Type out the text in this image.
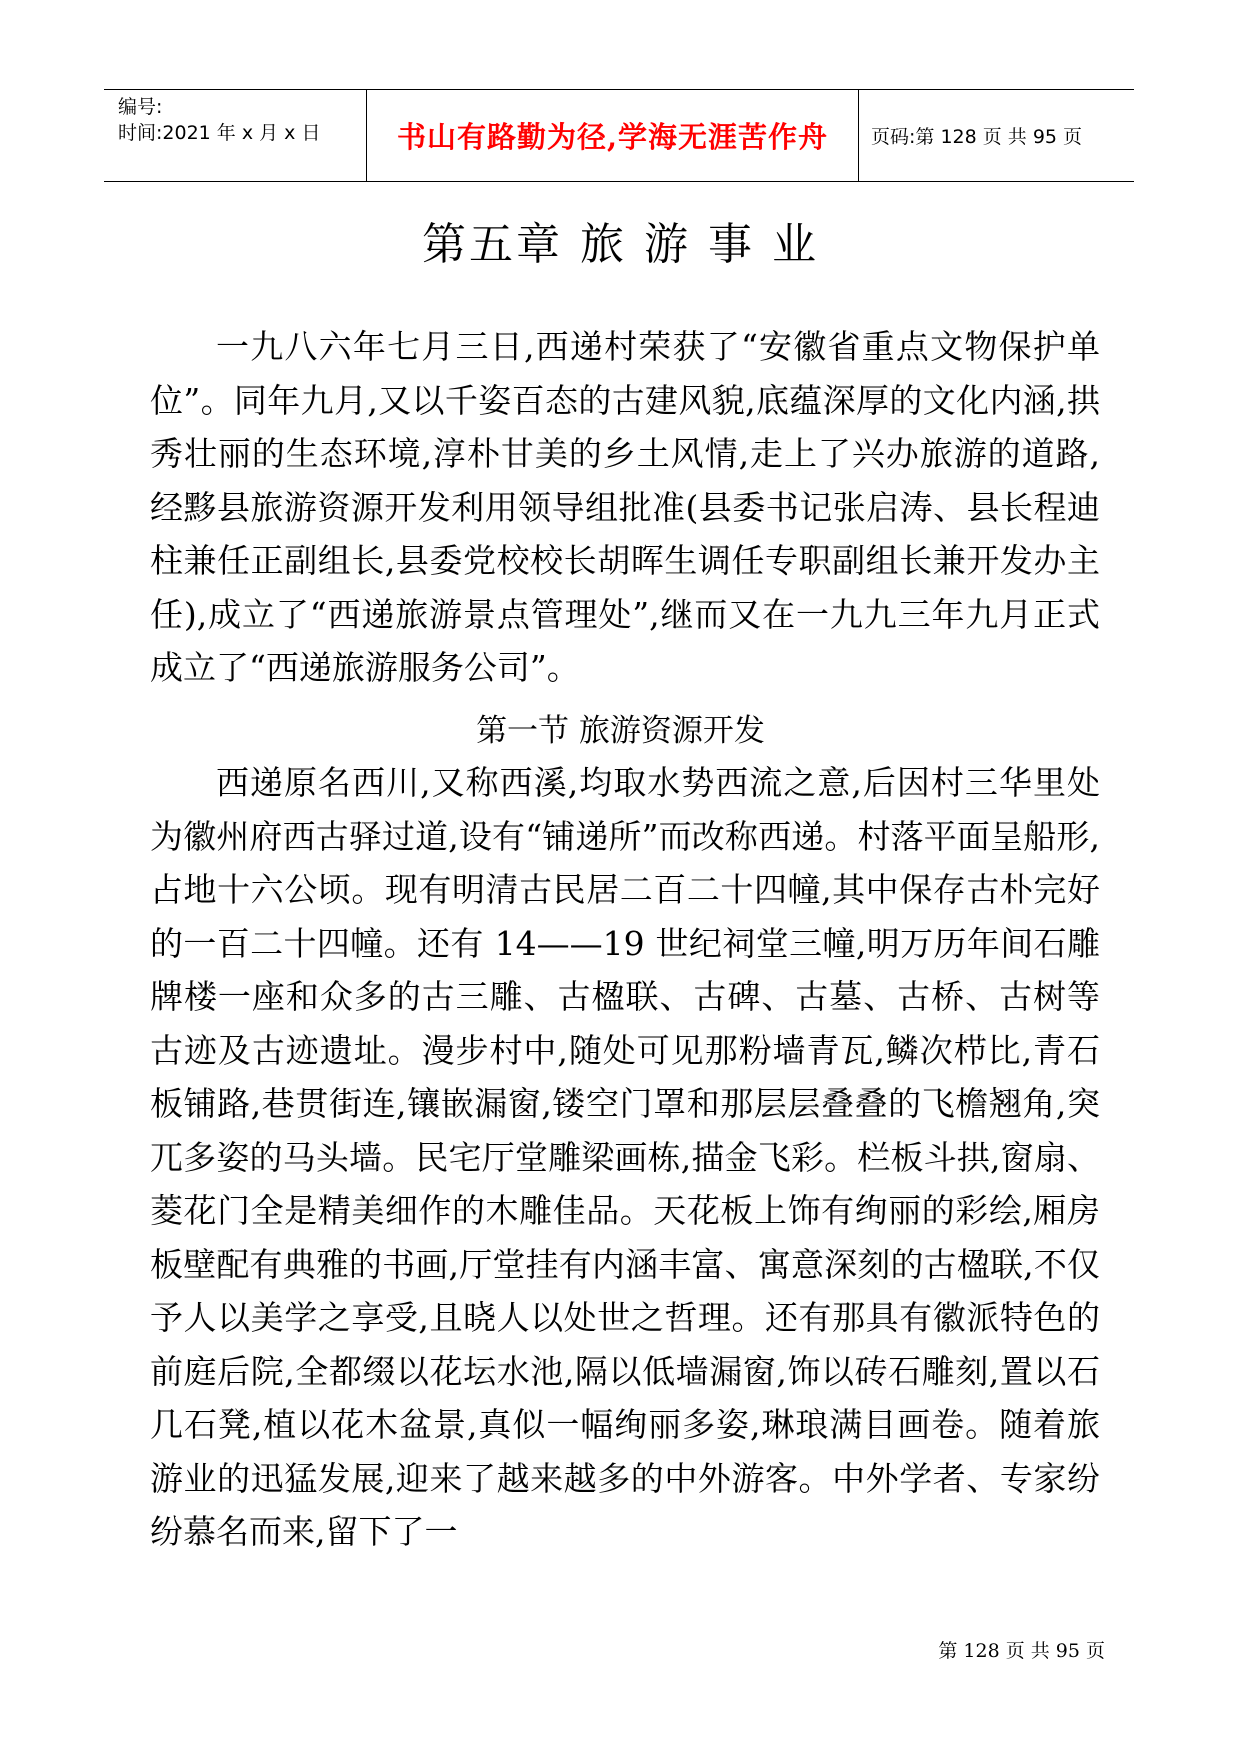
编号:
时间:2021 年 x 月 x 日	书山有路勤为径,学海无涯苦作舟	页码:第 128 页 共 95 页
第五章 旅 游 事 业

一九八六年七月三日,西递村荣获了“安徽省重点文物保护单位”。同年九月,又以千姿百态的古建风貌,底蕴深厚的文化内涵,拱秀壮丽的生态环境,淳朴甘美的乡土风情,走上了兴办旅游的道路,经黟县旅游资源开发利用领导组批准(县委书记张启涛、县长程迪柱兼任正副组长,县委党校校长胡晖生调任专职副组长兼开发办主任),成立了“西递旅游景点管理处”,继而又在一九九三年九月正式成立了“西递旅游服务公司”。

第一节 旅游资源开发

西递原名西川,又称西溪,均取水势西流之意,后因村三华里处为徽州府西古驿过道,设有“铺递所”而改称西递。村落平面呈船形,占地十六公顷。现有明清古民居二百二十四幢,其中保存古朴完好的一百二十四幢。还有 14——19 世纪祠堂三幢,明万历年间石雕牌楼一座和众多的古三雕、古楹联、古碑、古墓、古桥、古树等古迹及古迹遗址。漫步村中,随处可见那粉墙青瓦,鳞次栉比,青石板铺路,巷贯街连,镶嵌漏窗,镂空门罩和那层层叠叠的飞檐翘角,突兀多姿的马头墙。民宅厅堂雕梁画栋,描金飞彩。栏板斗拱,窗扇、菱花门全是精美细作的木雕佳品。天花板上饰有绚丽的彩绘,厢房板壁配有典雅的书画,厅堂挂有内涵丰富、寓意深刻的古楹联,不仅予人以美学之享受,且晓人以处世之哲理。还有那具有徽派特色的前庭后院,全都缀以花坛水池,隔以低墙漏窗,饰以砖石雕刻,置以石几石凳,植以花木盆景,真似一幅绚丽多姿,琳琅满目画卷。随着旅游业的迅猛发展,迎来了越来越多的中外游客。中外学者、专家纷纷慕名而来,留下了一

第 128 页 共 95 页
